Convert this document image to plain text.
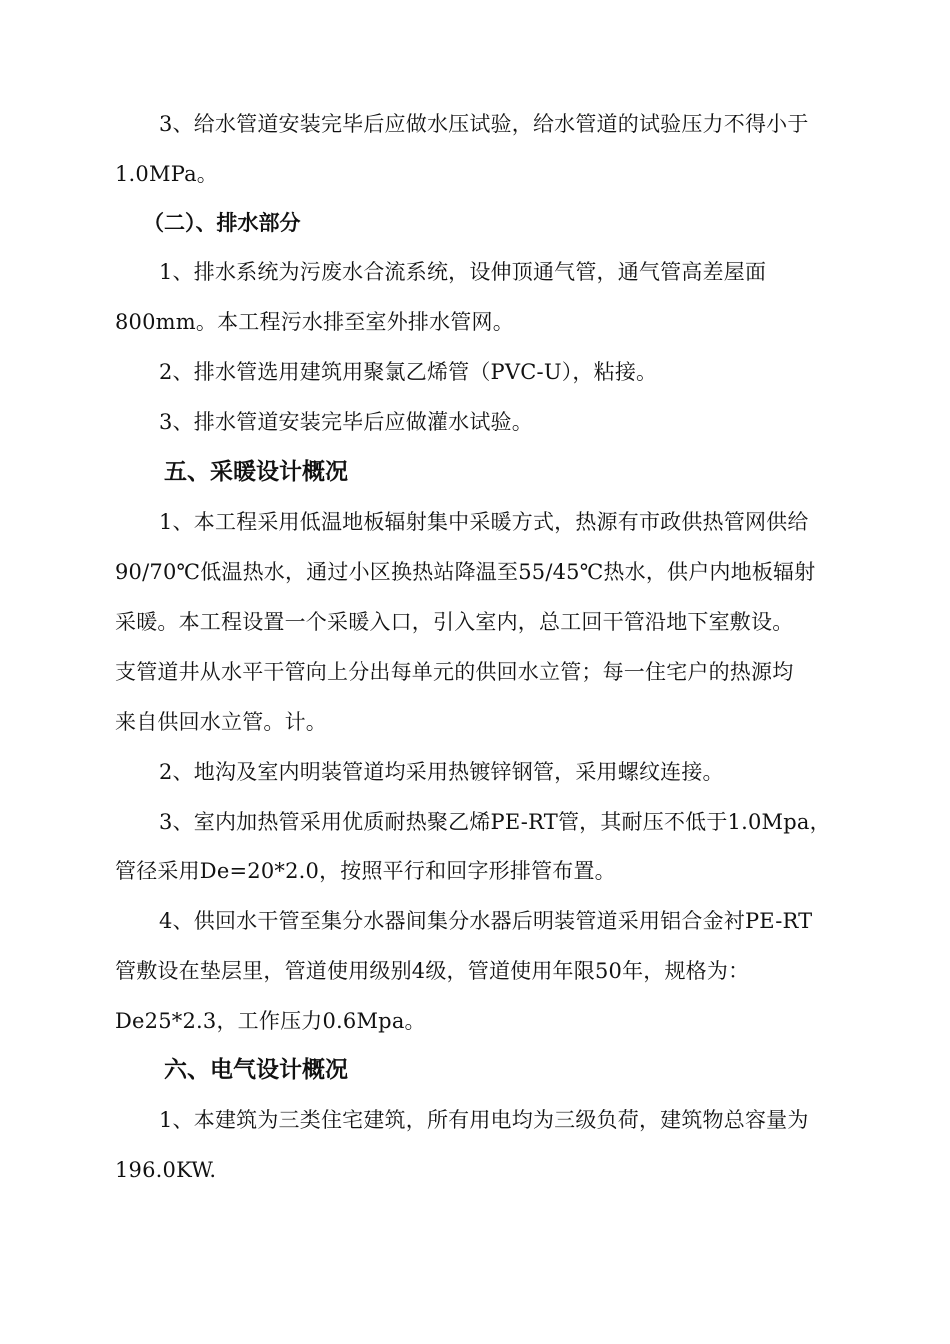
3、给水管道安装完毕后应做水压试验，给水管道的试验压力不得小于
1.0MPa。
（二）、排水部分
1、排水系统为污废水合流系统，设伸顶通气管，通气管高差屋面
800mm。本工程污水排至室外排水管网。
2、排水管选用建筑用聚氯乙烯管（PVC-U），粘接。
3、排水管道安装完毕后应做灌水试验。
五、采暖设计概况
1、本工程采用低温地板辐射集中采暖方式，热源有市政供热管网供给
90/70℃低温热水，通过小区换热站降温至55/45℃热水，供户内地板辐射
采暖。本工程设置一个采暖入口，引入室内，总工回干管沿地下室敷设。
支管道井从水平干管向上分出每单元的供回水立管；每一住宅户的热源均
来自供回水立管。计。
2、地沟及室内明装管道均采用热镀锌钢管，采用螺纹连接。
3、室内加热管采用优质耐热聚乙烯PE-RT管，其耐压不低于1.0Mpa，
管径采用De=20*2.0，按照平行和回字形排管布置。
4、供回水干管至集分水器间集分水器后明装管道采用铝合金衬PE-RT
管敷设在垫层里，管道使用级别4级，管道使用年限50年，规格为：
De25*2.3，工作压力0.6Mpa。
六、电气设计概况
1、本建筑为三类住宅建筑，所有用电均为三级负荷，建筑物总容量为
196.0KW.
